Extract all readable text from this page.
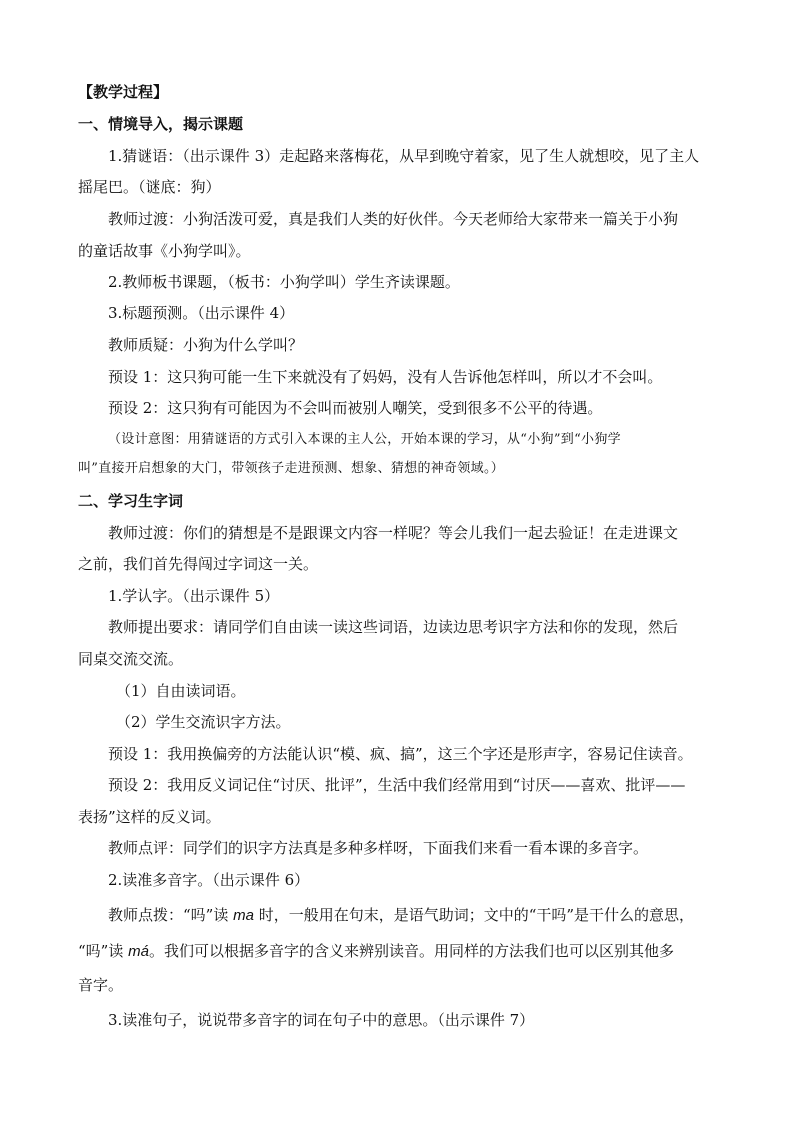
【教学过程】
一、情境导入，揭示课题
1.猜谜语：（出示课件 3）走起路来落梅花，从早到晚守着家，见了生人就想咬，见了主人
摇尾巴。（谜底：狗）
教师过渡：小狗活泼可爱，真是我们人类的好伙伴。今天老师给大家带来一篇关于小狗
的童话故事《小狗学叫》。
2.教师板书课题，（板书：小狗学叫）学生齐读课题。
3.标题预测。（出示课件 4）
教师质疑：小狗为什么学叫？
预设 1：这只狗可能一生下来就没有了妈妈，没有人告诉他怎样叫，所以才不会叫。
预设 2：这只狗有可能因为不会叫而被别人嘲笑，受到很多不公平的待遇。
（设计意图：用猜谜语的方式引入本课的主人公，开始本课的学习，从“小狗”到“小狗学
叫”直接开启想象的大门，带领孩子走进预测、想象、猜想的神奇领域。）
二、学习生字词
教师过渡：你们的猜想是不是跟课文内容一样呢？等会儿我们一起去验证！在走进课文
之前，我们首先得闯过字词这一关。
1.学认字。（出示课件 5）
教师提出要求：请同学们自由读一读这些词语，边读边思考识字方法和你的发现，然后
同桌交流交流。
（1）自由读词语。
（2）学生交流识字方法。
预设 1：我用换偏旁的方法能认识“模、疯、搞”，这三个字还是形声字，容易记住读音。
预设 2：我用反义词记住“讨厌、批评”，生活中我们经常用到“讨厌——喜欢、批评——
表扬”这样的反义词。
教师点评：同学们的识字方法真是多种多样呀，下面我们来看一看本课的多音字。
2.读准多音字。（出示课件 6）
教师点拨：“吗”读 ma 时，一般用在句末，是语气助词；文中的“干吗”是干什么的意思，
“吗”读 má。我们可以根据多音字的含义来辨别读音。用同样的方法我们也可以区别其他多
音字。
3.读准句子，说说带多音字的词在句子中的意思。（出示课件 7）
